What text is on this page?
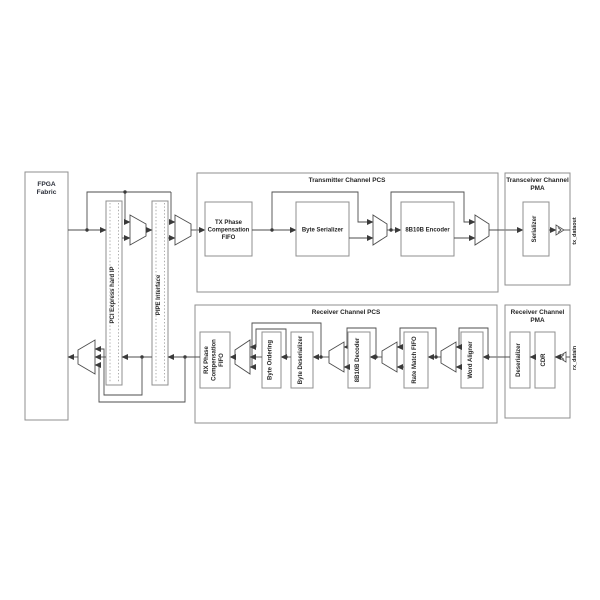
FPGA
Fabric
PCI Express hard IP	PIPE Interface
Transmitter Channel PCS
TX Phase
Compensation
FIFO
Byte Serializer	8B10B Encoder
Transceiver Channel
PMA
Serializer	tx_dataout
Receiver Channel
PMA
Deserializer	CDR	rx_datain
Receiver Channel PCS
Word Aligner
Rate Match FIFO
8B10B Decoder
Byte Deserializer
Byte Ordering
RX Phase Compensation FIFO
